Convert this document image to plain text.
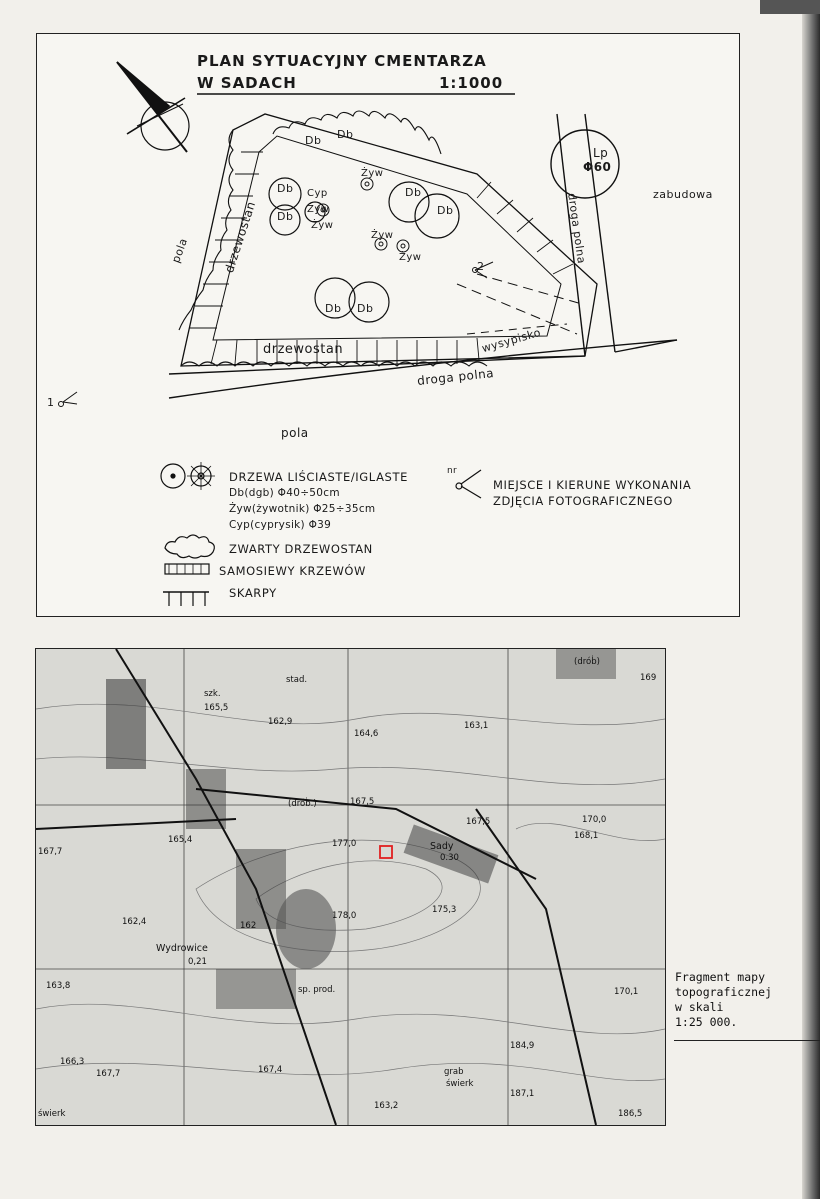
PLAN SYTUACYJNY CMENTARZA
W SADACH	1:1000
pola	drzewostan
drzewostan	wysypisko
droga polna
droga polna	zabudowa
pola
Lp
Φ60
1
2
Db
Db
Db
Db
Db
Db Db
Db
Cyp
Żyw
Żyw
Żyw
Żyw
Żyw
DRZEWA LIŚCIASTE/IGLASTE
Db(dgb) Φ40÷50cm
Żyw(żywotnik) Φ25÷35cm
Cyp(cyprysik) Φ39
ZWARTY DRZEWOSTAN
SAMOSIEWY KRZEWÓW
SKARPY
nr
MIEJSCE I KIERUNE WYKONANIA
ZDJĘCIA FOTOGRAFICZNEGO
(dróḃ)
169
stad.
szk.
165,5
162,9
164,6
163,1
(dróḃ.)	167,5
167,5	170,0
168,1
167,7
165,4	177,0	Sady
0.30
175,3
178,0
162,4	162
Wydrowice
0,21
163,8	sp. prod.	170,1
166,3
167,7	167,4
184,9
grab
świerk
187,1
163,2
świerk	186,5
Fragment mapy
topograficznej
w skali
1:25 000.
